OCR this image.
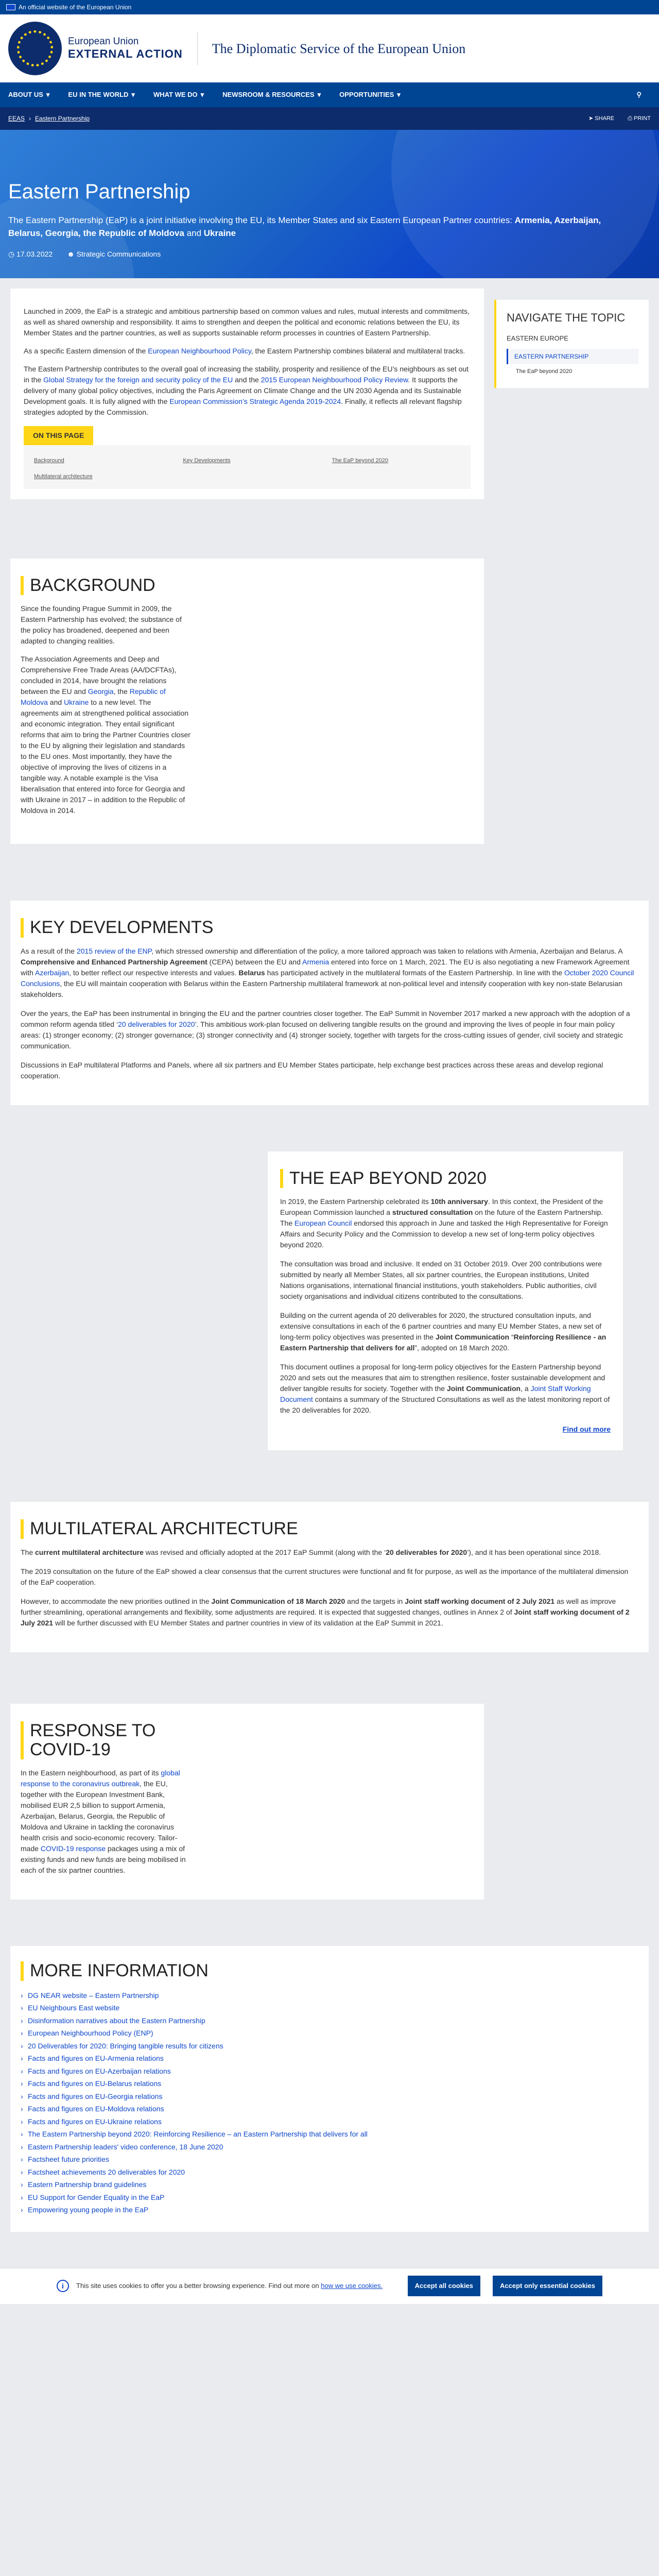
An official website of the European Union
European Union
EXTERNAL ACTION The Diplomatic Service of the European Union
ABOUT US ▾	EU IN THE WORLD ▾	WHAT WE DO ▾	NEWSROOM & RESOURCES ▾	OPPORTUNITIES ▾	⚲
EEAS › Eastern Partnership	➤ SHARE ⎙ PRINT
Eastern Partnership

The Eastern Partnership (EaP) is a joint initiative involving the EU, its Member States and six Eastern European Partner countries: Armenia, Azerbaijan, Belarus, Georgia, the Republic of Moldova and Ukraine

◷ 17.03.2022 ☻ Strategic Communications

Launched in 2009, the EaP is a strategic and ambitious partnership based on common values and rules, mutual interests and commitments, as well as shared ownership and responsibility. It aims to strengthen and deepen the political and economic relations between the EU, its Member States and the partner countries, as well as supports sustainable reform processes in countries of Eastern Partnership.

As a specific Eastern dimension of the European Neighbourhood Policy, the Eastern Partnership combines bilateral and multilateral tracks.

The Eastern Partnership contributes to the overall goal of increasing the stability, prosperity and resilience of the EU’s neighbours as set out in the Global Strategy for the foreign and security policy of the EU and the 2015 European Neighbourhood Policy Review. It supports the delivery of many global policy objectives, including the Paris Agreement on Climate Change and the UN 2030 Agenda and its Sustainable Development goals. It is fully aligned with the European Commission’s Strategic Agenda 2019-2024. Finally, it reflects all relevant flagship strategies adopted by the Commission.

ON THIS PAGE
Background	Key Developments	The EaP beyond 2020
Multilateral architecture
NAVIGATE THE TOPIC
EASTERN EUROPE
EASTERN PARTNERSHIP
The EaP beyond 2020
BACKGROUND

Since the founding Prague Summit in 2009, the Eastern Partnership has evolved; the substance of the policy has broadened, deepened and been adapted to changing realities.

The Association Agreements and Deep and Comprehensive Free Trade Areas (AA/DCFTAs), concluded in 2014, have brought the relations between the EU and Georgia, the Republic of Moldova and Ukraine to a new level. The agreements aim at strengthened political association and economic integration. They entail significant reforms that aim to bring the Partner Countries closer to the EU by aligning their legislation and standards to the EU ones. Most importantly, they have the objective of improving the lives of citizens in a tangible way. A notable example is the Visa liberalisation that entered into force for Georgia and with Ukraine in 2017 – in addition to the Republic of Moldova in 2014.

KEY DEVELOPMENTS

As a result of the 2015 review of the ENP, which stressed ownership and differentiation of the policy, a more tailored approach was taken to relations with Armenia, Azerbaijan and Belarus. A Comprehensive and Enhanced Partnership Agreement (CEPA) between the EU and Armenia entered into force on 1 March, 2021. The EU is also negotiating a new Framework Agreement with Azerbaijan, to better reflect our respective interests and values. Belarus has participated actively in the multilateral formats of the Eastern Partnership. In line with the October 2020 Council Conclusions, the EU will maintain cooperation with Belarus within the Eastern Partnership multilateral framework at non-political level and intensify cooperation with key non-state Belarusian stakeholders.

Over the years, the EaP has been instrumental in bringing the EU and the partner countries closer together. The EaP Summit in November 2017 marked a new approach with the adoption of a common reform agenda titled ‘20 deliverables for 2020’. This ambitious work-plan focused on delivering tangible results on the ground and improving the lives of people in four main policy areas: (1) stronger economy; (2) stronger governance; (3) stronger connectivity and (4) stronger society, together with targets for the cross-cutting issues of gender, civil society and strategic communication.

Discussions in EaP multilateral Platforms and Panels, where all six partners and EU Member States participate, help exchange best practices across these areas and develop regional cooperation.

THE EAP BEYOND 2020

In 2019, the Eastern Partnership celebrated its 10th anniversary. In this context, the President of the European Commission launched a structured consultation on the future of the Eastern Partnership. The European Council endorsed this approach in June and tasked the High Representative for Foreign Affairs and Security Policy and the Commission to develop a new set of long-term policy objectives beyond 2020.

The consultation was broad and inclusive. It ended on 31 October 2019. Over 200 contributions were submitted by nearly all Member States, all six partner countries, the European institutions, United Nations organisations, international financial institutions, youth stakeholders. Public authorities, civil society organisations and individual citizens contributed to the consultations.

Building on the current agenda of 20 deliverables for 2020, the structured consultation inputs, and extensive consultations in each of the 6 partner countries and many EU Member States, a new set of long-term policy objectives was presented in the Joint Communication “Reinforcing Resilience - an Eastern Partnership that delivers for all”, adopted on 18 March 2020.

This document outlines a proposal for long-term policy objectives for the Eastern Partnership beyond 2020 and sets out the measures that aim to strengthen resilience, foster sustainable development and deliver tangible results for society. Together with the Joint Communication, a Joint Staff Working Document contains a summary of the Structured Consultations as well as the latest monitoring report of the 20 deliverables for 2020.

Find out more
MULTILATERAL ARCHITECTURE

The current multilateral architecture was revised and officially adopted at the 2017 EaP Summit (along with the ‘20 deliverables for 2020’), and it has been operational since 2018.

The 2019 consultation on the future of the EaP showed a clear consensus that the current structures were functional and fit for purpose, as well as the importance of the multilateral dimension of the EaP cooperation.

However, to accommodate the new priorities outlined in the Joint Communication of 18 March 2020 and the targets in Joint staff working document of 2 July 2021 as well as improve further streamlining, operational arrangements and flexibility, some adjustments are required. It is expected that suggested changes, outlines in Annex 2 of Joint staff working document of 2 July 2021 will be further discussed with EU Member States and partner countries in view of its validation at the EaP Summit in 2021.

RESPONSE TO COVID-19

In the Eastern neighbourhood, as part of its global response to the coronavirus outbreak, the EU, together with the European Investment Bank, mobilised EUR 2,5 billion to support Armenia, Azerbaijan, Belarus, Georgia, the Republic of Moldova and Ukraine in tackling the coronavirus health crisis and socio-economic recovery. Tailor-made COVID-19 response packages using a mix of existing funds and new funds are being mobilised in each of the six partner countries.

MORE INFORMATION
› DG NEAR website – Eastern Partnership
› EU Neighbours East website
› Disinformation narratives about the Eastern Partnership
› European Neighbourhood Policy (ENP)
› 20 Deliverables for 2020: Bringing tangible results for citizens
› Facts and figures on EU-Armenia relations
› Facts and figures on EU-Azerbaijan relations
› Facts and figures on EU-Belarus relations
› Facts and figures on EU-Georgia relations
› Facts and figures on EU-Moldova relations
› Facts and figures on EU-Ukraine relations
› The Eastern Partnership beyond 2020: Reinforcing Resilience – an Eastern Partnership that delivers for all
› Eastern Partnership leaders' video conference, 18 June 2020
› Factsheet future priorities
› Factsheet achievements 20 deliverables for 2020
› Eastern Partnership brand guidelines
› EU Support for Gender Equality in the EaP
› Empowering young people in the EaP
i	This site uses cookies to offer you a better browsing experience. Find out more on how we use cookies.	Accept all cookies	Accept only essential cookies
